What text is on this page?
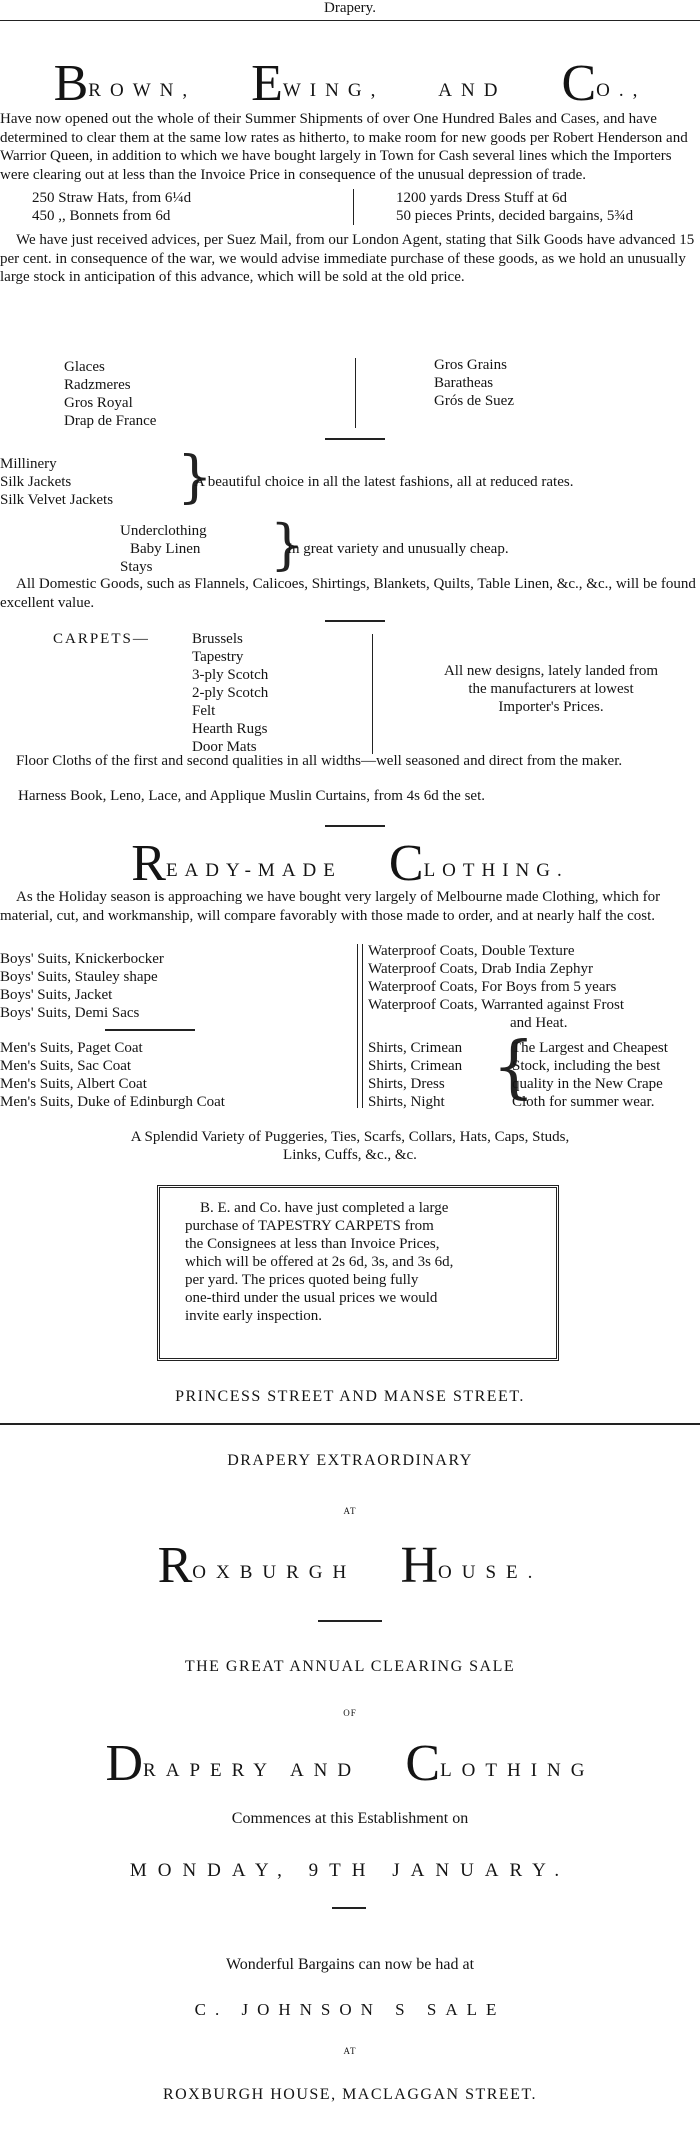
Drapery.
BROWN, EWING,	AND CO.,
Have now opened out the whole of their Summer Shipments of over One Hundred Bales and Cases, and have determined to clear them at the same low rates as hitherto, to make room for new goods per Robert Henderson and Warrior Queen, in addition to which we have bought largely in Town for Cash several lines which the Importers were clearing out at less than the Invoice Price in consequence of the unusual depression of trade.
250 Straw Hats, from 6¼d
450 ,, Bonnets from 6d
1200 yards Dress Stuff at 6d
50 pieces Prints, decided bargains, 5¾d
We have just received advices, per Suez Mail, from our London Agent, stating that Silk Goods have advanced 15 per cent. in consequence of the war, we would advise immediate purchase of these goods, as we hold an unusually large stock in anticipation of this advance, which will be sold at the old price.
Glaces
Radzmeres
Gros Royal
Drap de France
Gros Grains
Baratheas
Grós de Suez
Millinery
Silk Jackets
Silk Velvet Jackets }
A beautiful choice in all the latest fashions, all at reduced rates.
Underclothing
Baby Linen
Stays }
In great variety and unusually cheap.
All Domestic Goods, such as Flannels, Calicoes, Shirtings, Blankets, Quilts, Table Linen, &c., &c., will be found excellent value.
CARPETS—	Brussels
Tapestry
3-ply Scotch
2-ply Scotch
Felt
Hearth Rugs
Door Mats
All new designs, lately landed from
the manufacturers at lowest
Importer's Prices.
Floor Cloths of the first and second qualities in all widths—well seasoned and direct from the maker.
Harness Book, Leno, Lace, and Applique Muslin Curtains, from 4s 6d the set.
READY-MADE CLOTHING.
As the Holiday season is approaching we have bought very largely of Melbourne made Clothing, which for material, cut, and workmanship, will compare favorably with those made to order, and at nearly half the cost.
Boys' Suits, Knickerbocker
Boys' Suits, Stauley shape
Boys' Suits, Jacket
Boys' Suits, Demi Sacs
Men's Suits, Paget Coat
Men's Suits, Sac Coat
Men's Suits, Albert Coat
Men's Suits, Duke of Edinburgh Coat
Waterproof Coats, Double Texture
Waterproof Coats, Drab India Zephyr
Waterproof Coats, For Boys from 5 years
Waterproof Coats, Warranted against Frost
and Heat.
Shirts, Crimean
Shirts, Crimean
Shirts, Dress
Shirts, Night {
The Largest and Cheapest
Stock, including the best
quality in the New Crape
Cloth for summer wear.
A Splendid Variety of Puggeries, Ties, Scarfs, Collars, Hats, Caps, Studs,
Links, Cuffs, &c., &c.
B. E. and Co. have just completed a large
purchase of TAPESTRY CARPETS from
the Consignees at less than Invoice Prices,
which will be offered at 2s 6d, 3s, and 3s 6d,
per yard. The prices quoted being fully
one-third under the usual prices we would
invite early inspection.
PRINCESS STREET AND MANSE STREET.
DRAPERY EXTRAORDINARY
AT
ROXBURGH HOUSE.
THE GREAT ANNUAL CLEARING SALE
OF
DRAPERY AND CLOTHING
Commences at this Establishment on
MONDAY, 9TH JANUARY.
Wonderful Bargains can now be had at
C. JOHNSON S SALE
AT
ROXBURGH HOUSE, MACLAGGAN STREET.
